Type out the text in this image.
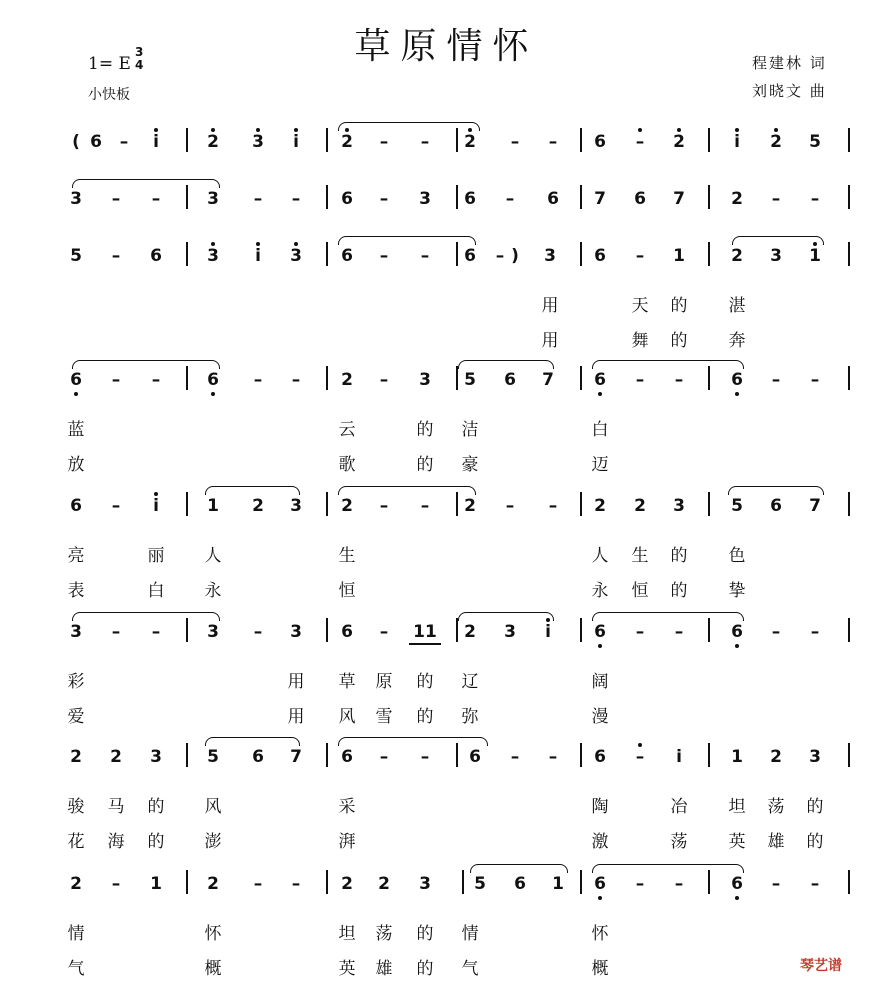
草原情怀
1= E
3
4
小快板
程建林 词
刘晓文 曲
( 6	–	i	2 3	i	2	–	–	2	–	–	6	–	2	i	2 5
3	–	–	3	–	–	6	–	3 6	–	6 7 6 7	2	–	–
5	–	6	3	i	3 6	–	–	6	– )	3 6	–	1	2 3 1
用	天 的 湛
用	舞 的 奔
6	–	–	6	–	–	2	–	3 5 6 7 6	–	–	6	–	–
蓝	云	的 洁	白
放	歌	的 豪	迈
6	–	i	1 2 3 2	–	–	2	–	–	2 2 3	5 6 7
亮	丽 人	生	人 生 的 色
表	白 永	恒	永 恒 的 挚
3	–	–	3	–	3 6	–	11 2 3	i	6	–	–	6	–	–
彩	用 草 原 的 辽	阔
爱	用 风 雪 的 弥	漫
2 2 3	5 6 7 6	–	–	6	–	–	6	–	i	1 2 3
骏 马 的 风	采	陶	冶 坦 荡 的
花 海 的 澎	湃	激	荡 英 雄 的
2	–	1	2	–	–	2 2 3	5 6 1 6	–	–	6	–	–
情	怀	坦 荡 的 情	怀
气	概	英 雄 的 气	概	琴艺谱
